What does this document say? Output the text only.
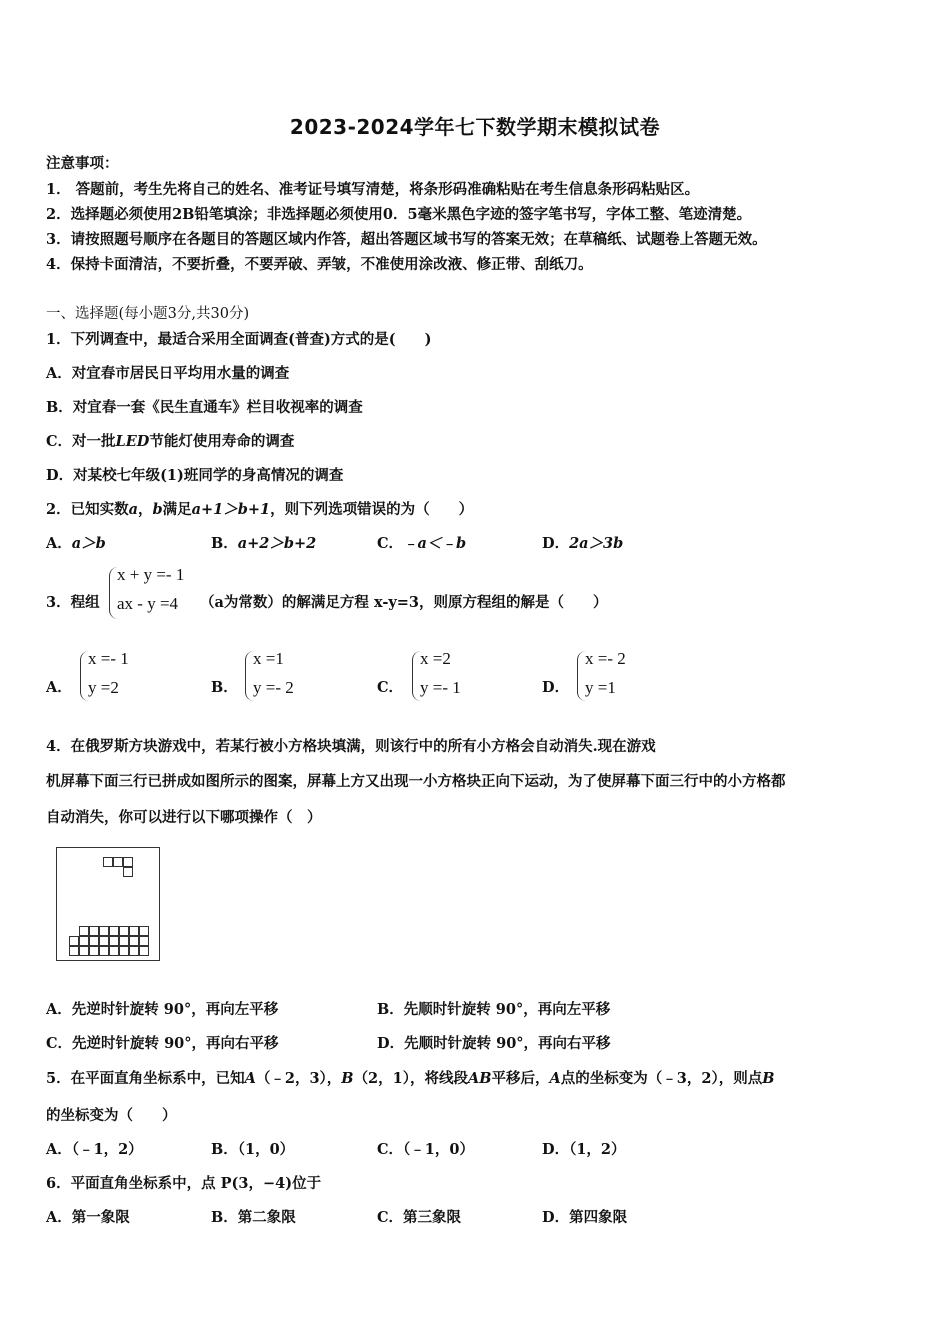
2023-2024学年七下数学期末模拟试卷
注意事项：
1． 答题前，考生先将自己的姓名、准考证号填写清楚，将条形码准确粘贴在考生信息条形码粘贴区。
2．选择题必须使用2B铅笔填涂；非选择题必须使用0．5毫米黑色字迹的签字笔书写，字体工整、笔迹清楚。
3．请按照题号顺序在各题目的答题区域内作答，超出答题区域书写的答案无效；在草稿纸、试题卷上答题无效。
4．保持卡面清洁，不要折叠，不要弄破、弄皱，不准使用涂改液、修正带、刮纸刀。
一、选择题(每小题3分,共30分)
1．下列调查中，最适合采用全面调查(普查)方式的是(　　)
A．对宜春市居民日平均用水量的调查
B．对宜春一套《民生直通车》栏目收视率的调查
C．对一批LED节能灯使用寿命的调查
D．对某校七年级(1)班同学的身高情况的调查
2．已知实数a，b满足a+1＞b+1，则下列选项错误的为（　　）
A．a＞b	B．a+2＞b+2	C．﹣a＜﹣b	D．2a＞3b
3．程组
x + y =- 1
ax - y =4 （a为常数）的解满足方程 x-y=3，则原方程组的解是（　　）
A．
x =- 1
y =2	B．
x =1
y =- 2	C．
x =2
y =- 1	D．
x =- 2
y =1
4．在俄罗斯方块游戏中，若某行被小方格块填满，则该行中的所有小方格会自动消失.现在游戏
机屏幕下面三行已拼成如图所示的图案，屏幕上方又出现一小方格块正向下运动，为了使屏幕下面三行中的小方格都
自动消失，你可以进行以下哪项操作（　）
A．先逆时针旋转 90°，再向左平移	B．先顺时针旋转 90°，再向左平移
C．先逆时针旋转 90°，再向右平移	D．先顺时针旋转 90°，再向右平移
5．在平面直角坐标系中，已知A（﹣2，3），B（2，1），将线段AB平移后，A点的坐标变为（﹣3，2），则点B
的坐标变为（　　）
A．（﹣1，2）	B．（1，0）	C．（﹣1，0）	D．（1，2）
6．平面直角坐标系中，点 P(3，−4)位于
A．第一象限	B．第二象限	C．第三象限	D．第四象限
